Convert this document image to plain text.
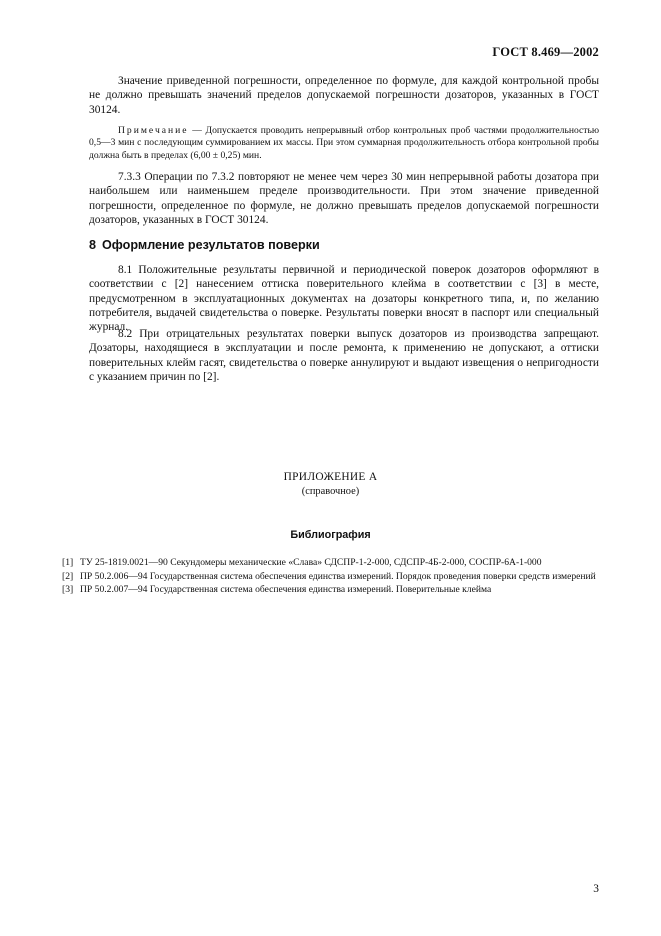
ГОСТ 8.469—2002

Значение приведенной погрешности, определенное по формуле, для каждой контрольной пробы не должно превышать значений пределов допускаемой погрешности дозаторов, указанных в ГОСТ 30124.

Примечание — Допускается проводить непрерывный отбор контрольных проб частями продолжительностью 0,5—3 мин с последующим суммированием их массы. При этом суммарная продолжительность отбора контрольной пробы должна быть в пределах (6,00 ± 0,25) мин.

7.3.3 Операции по 7.3.2 повторяют не менее чем через 30 мин непрерывной работы дозатора при наибольшем или наименьшем пределе производительности. При этом значение приведенной погрешности, определенное по формуле, не должно превышать пределов допускаемой погрешности дозаторов, указанных в ГОСТ 30124.

8 Оформление результатов поверки

8.1 Положительные результаты первичной и периодической поверок дозаторов оформляют в соответствии с [2] нанесением оттиска поверительного клейма в соответствии с [3] в месте, предусмотренном в эксплуатационных документах на дозаторы конкретного типа, и, по желанию потребителя, выдачей свидетельства о поверке. Результаты поверки вносят в паспорт или специальный журнал.

8.2 При отрицательных результатах поверки выпуск дозаторов из производства запрещают. Дозаторы, находящиеся в эксплуатации и после ремонта, к применению не допускают, а оттиски поверительных клейм гасят, свидетельства о поверке аннулируют и выдают извещения о непригодности с указанием причин по [2].

ПРИЛОЖЕНИЕ А
(справочное)
Библиография
[1] ТУ 25-1819.0021—90 Секундомеры механические «Слава» СДСПР-1-2-000, СДСПР-4Б-2-000, СОСПР-6А-1-000
[2] ПР 50.2.006—94 Государственная система обеспечения единства измерений. Порядок проведения поверки средств измерений
[3] ПР 50.2.007—94 Государственная система обеспечения единства измерений. Поверительные клейма
3
